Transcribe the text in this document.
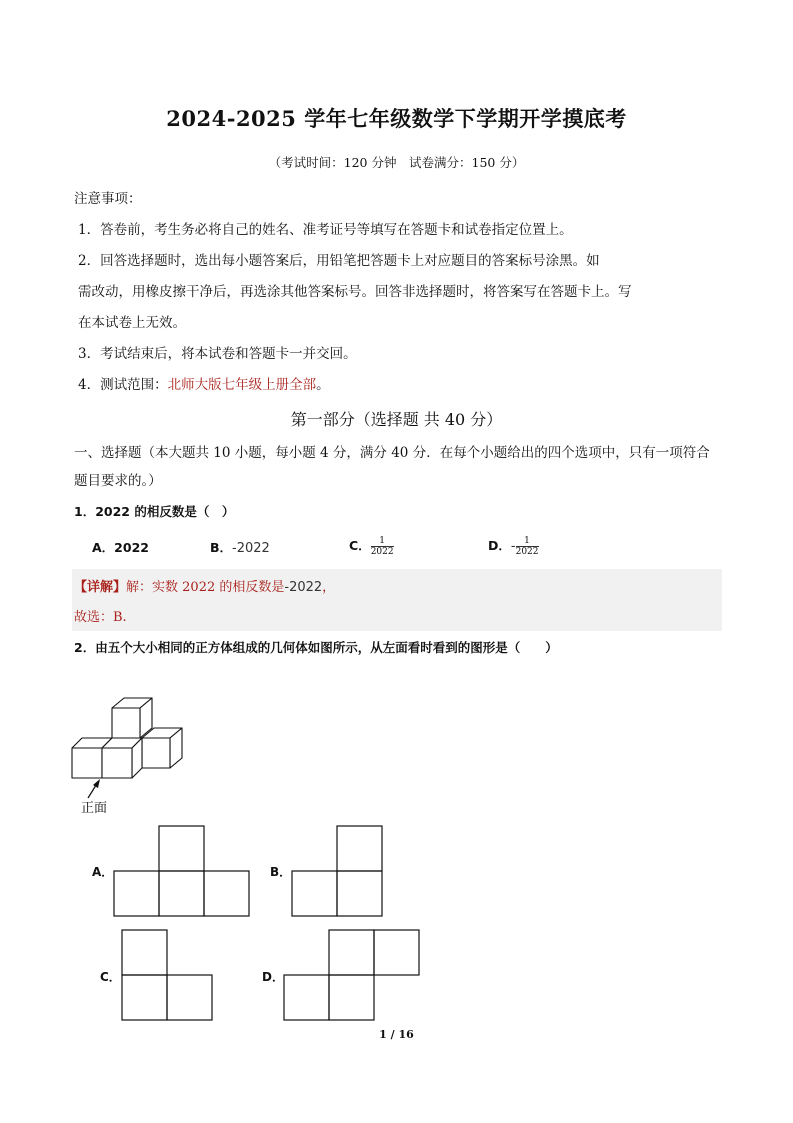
2024-2025 学年七年级数学下学期开学摸底考
（考试时间：120 分钟　试卷满分：150 分）
注意事项：
1．答卷前，考生务必将自己的姓名、准考证号等填写在答题卡和试卷指定位置上。
2．回答选择题时，选出每小题答案后，用铅笔把答题卡上对应题目的答案标号涂黑。如
需改动，用橡皮擦干净后，再选涂其他答案标号。回答非选择题时，将答案写在答题卡上。写
在本试卷上无效。
3．考试结束后，将本试卷和答题卡一并交回。
4．测试范围：北师大版七年级上册全部。
第一部分（选择题 共 40 分）
一、选择题（本大题共 10 小题，每小题 4 分，满分 40 分．在每个小题给出的四个选项中，只有一项符合
题目要求的。）
1．2022 的相反数是（　）
A．2022	B．-2022	C． $\frac{1}{2022}$	D．- $\frac{1}{2022}$
【详解】解：实数 2022 的相反数是-2022，
故选：B.
2．由五个大小相同的正方体组成的几何体如图所示，从左面看时看到的图形是（　　）
正面
A．	B．
C．	D．
1 / 16
